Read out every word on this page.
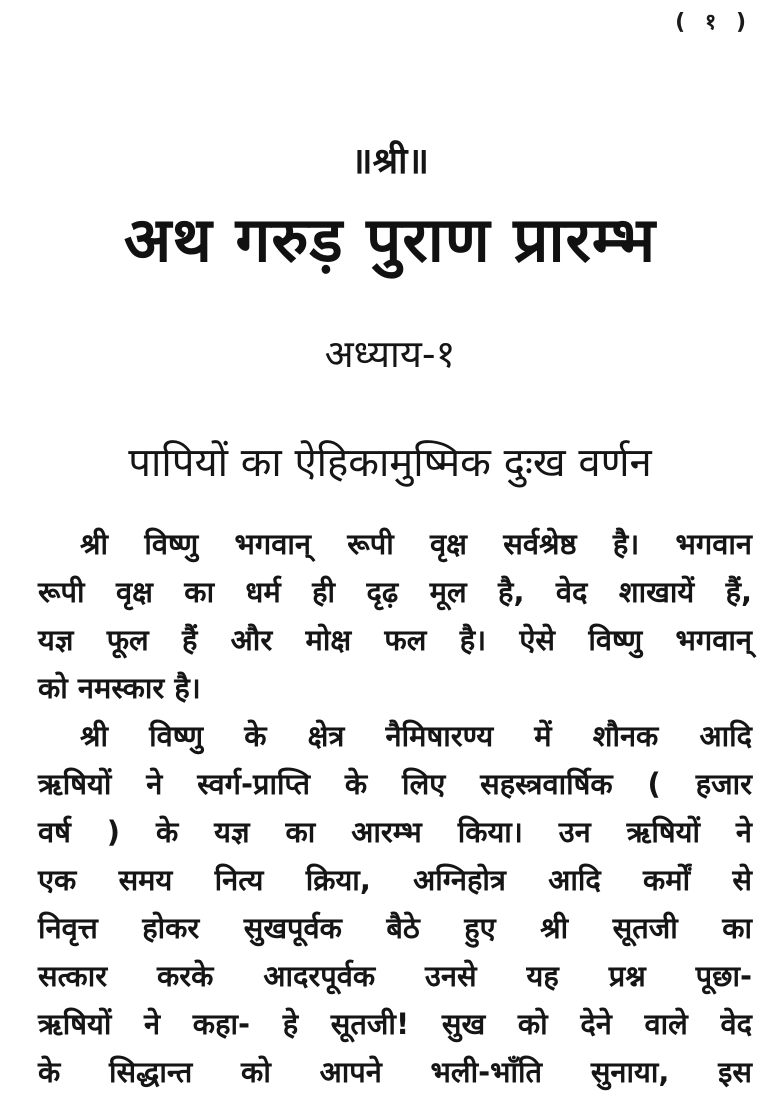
( १ )
॥श्री॥
अथ गरुड़ पुराण प्रारम्भ
अध्याय-१
पापियों का ऐहिकामुष्मिक दुःख वर्णन
श्री विष्णु भगवान् रूपी वृक्ष सर्वश्रेष्ठ है। भगवान
रूपी वृक्ष का धर्म ही दृढ़ मूल है, वेद शाखायें हैं,
यज्ञ फूल हैं और मोक्ष फल है। ऐसे विष्णु भगवान्
को नमस्कार है।
श्री विष्णु के क्षेत्र नैमिषारण्य में शौनक आदि
ऋषियों ने स्वर्ग-प्राप्ति के लिए सहस्त्रवार्षिक ( हजार
वर्ष ) के यज्ञ का आरम्भ किया। उन ऋषियों ने
एक समय नित्य क्रिया, अग्निहोत्र आदि कर्मों से
निवृत्त होकर सुखपूर्वक बैठे हुए श्री सूतजी का
सत्कार करके आदरपूर्वक उनसे यह प्रश्न पूछा-
ऋषियों ने कहा- हे सूतजी! सुख को देने वाले वेद
के सिद्धान्त को आपने भली-भाँति सुनाया, इस
